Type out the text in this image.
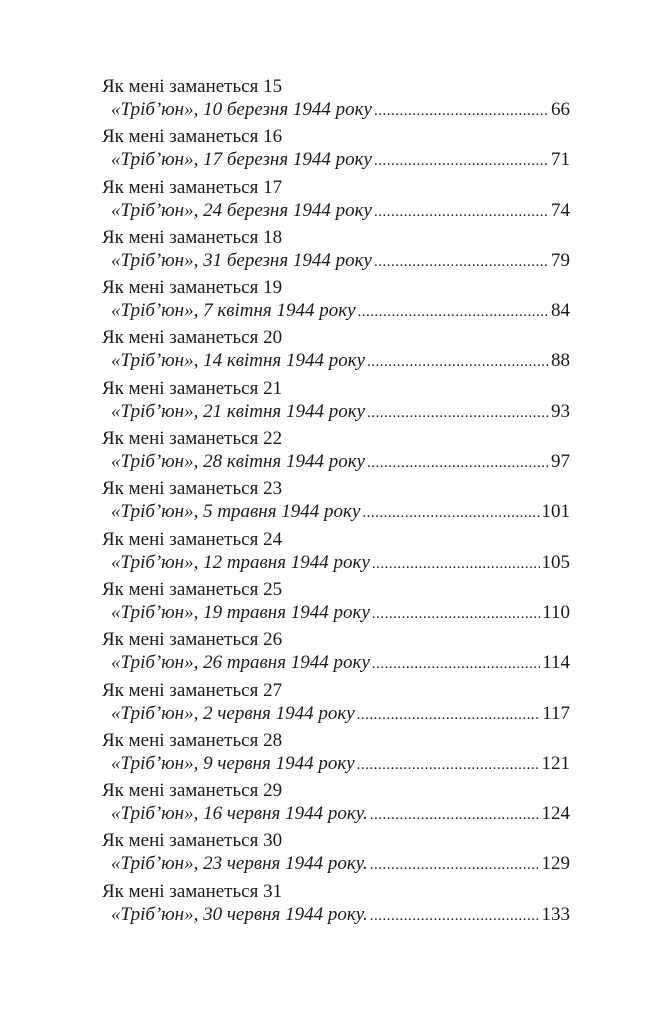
Як мені заманеться 15
«Тріб’юн», 10 березня 1944 року .....	66
Як мені заманеться 16
«Тріб’юн», 17 березня 1944 року .....	71
Як мені заманеться 17
«Тріб’юн», 24 березня 1944 року .....	74
Як мені заманеться 18
«Тріб’юн», 31 березня 1944 року .....	79
Як мені заманеться 19
«Тріб’юн», 7 квітня 1944 року .....	84
Як мені заманеться 20
«Тріб’юн», 14 квітня 1944 року .....	88
Як мені заманеться 21
«Тріб’юн», 21 квітня 1944 року .....	93
Як мені заманеться 22
«Тріб’юн», 28 квітня 1944 року .....	97
Як мені заманеться 23
«Тріб’юн», 5 травня 1944 року .....	101
Як мені заманеться 24
«Тріб’юн», 12 травня 1944 року .....	105
Як мені заманеться 25
«Тріб’юн», 19 травня 1944 року .....	110
Як мені заманеться 26
«Тріб’юн», 26 травня 1944 року .....	114
Як мені заманеться 27
«Тріб’юн», 2 червня 1944 року .....	117
Як мені заманеться 28
«Тріб’юн», 9 червня 1944 року .....	121
Як мені заманеться 29
«Тріб’юн», 16 червня 1944 року. .....	124
Як мені заманеться 30
«Тріб’юн», 23 червня 1944 року. .....	129
Як мені заманеться 31
«Тріб’юн», 30 червня 1944 року. .....	133
